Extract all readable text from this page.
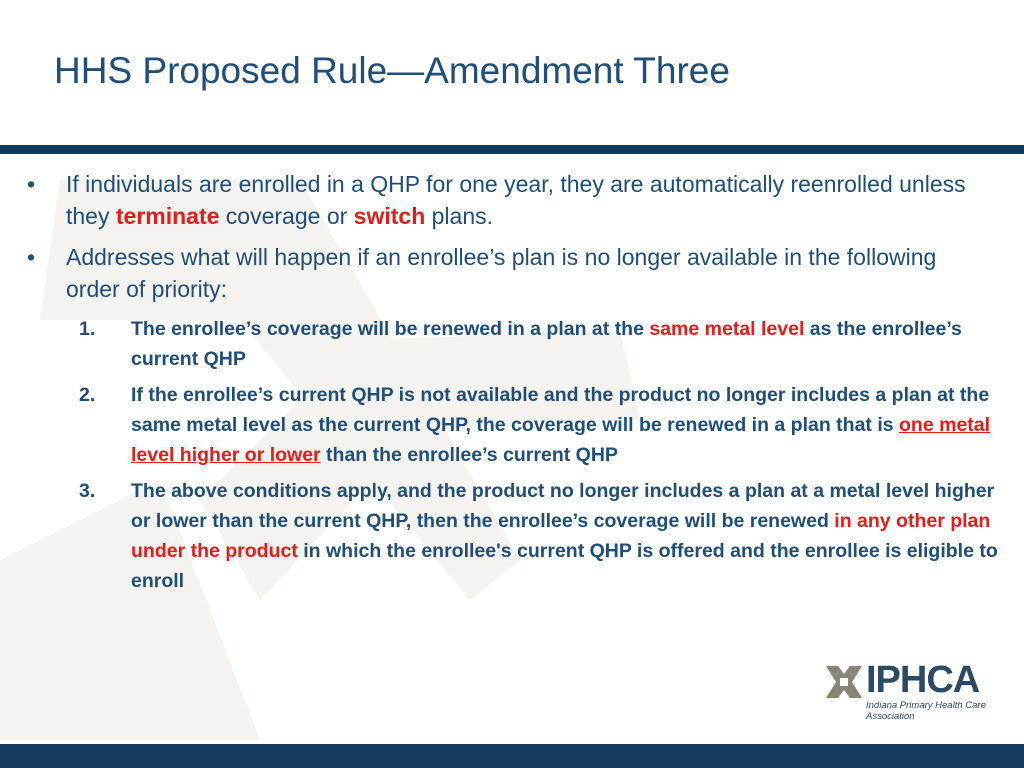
HHS Proposed Rule—Amendment Three
• If individuals are enrolled in a QHP for one year, they are automatically reenrolled unless they terminate coverage or switch plans.
• Addresses what will happen if an enrollee’s plan is no longer available in the following order of priority:
1. The enrollee’s coverage will be renewed in a plan at the same metal level as the enrollee’s current QHP
2. If the enrollee’s current QHP is not available and the product no longer includes a plan at the same metal level as the current QHP, the coverage will be renewed in a plan that is one metal level higher or lower than the enrollee’s current QHP
3. The above conditions apply, and the product no longer includes a plan at a metal level higher or lower than the current QHP, then the enrollee’s coverage will be renewed in any other plan under the product in which the enrollee's current QHP is offered and the enrollee is eligible to enroll
IPHCA
Indiana Primary Health Care Association
